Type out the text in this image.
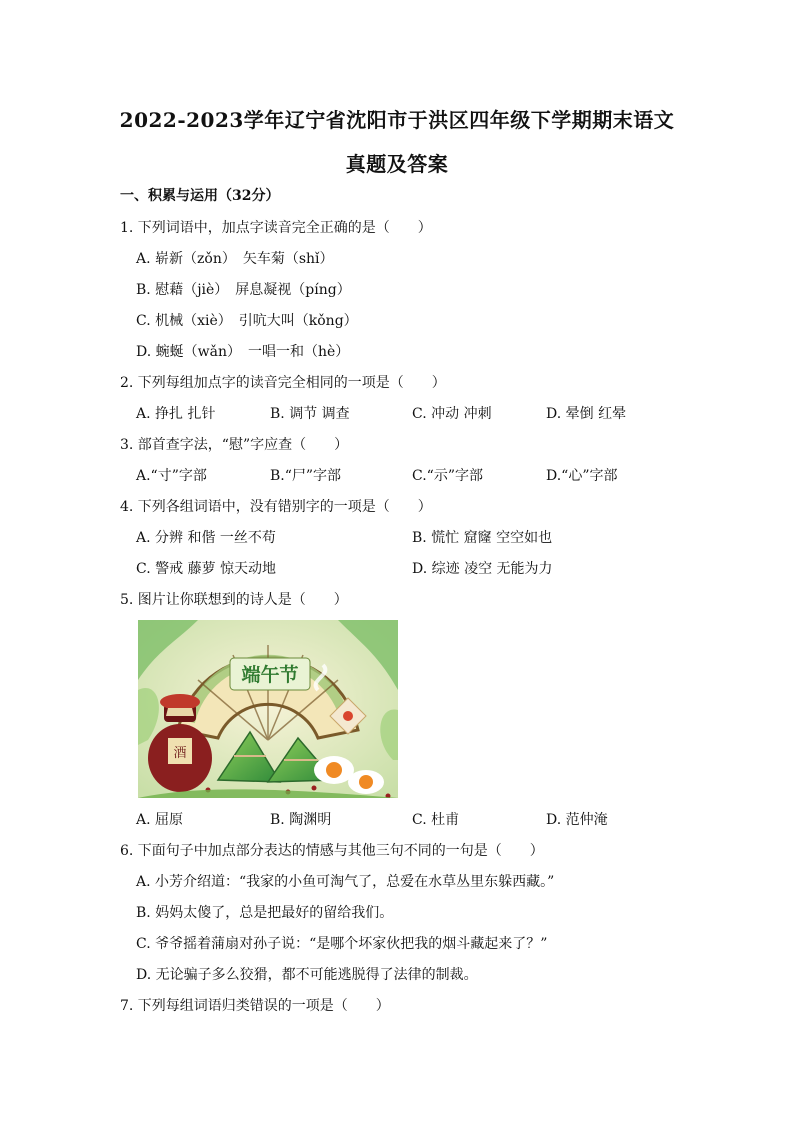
2022-2023学年辽宁省沈阳市于洪区四年级下学期期末语文
真题及答案
一、积累与运用（32分）
1. 下列词语中，加点字读音完全正确的是（　　）
A. 崭新（zǒn）　矢车菊（shǐ）
B. 慰藉（jiè）　屏息凝视（píng）
C. 机械（xiè）　引吭大叫（kǒng）
D. 蜿蜒（wǎn）　一唱一和（hè）
2. 下列每组加点字的读音完全相同的一项是（　　）
A. 挣扎 扎针	B. 调节 调查	C. 冲动 冲刺	D. 晕倒 红晕
3. 部首查字法，“慰”字应查（　　）
A.“寸”字部	B.“尸”字部	C.“示”字部	D.“心”字部
4. 下列各组词语中，没有错别字的一项是（　　）
A. 分辨 和偕 一丝不苟	B. 慌忙 窟窿 空空如也
C. 警戒 藤萝 惊天动地	D. 综迹 凌空 无能为力
5. 图片让你联想到的诗人是（　　）
端午节
酒
A. 屈原	B. 陶渊明	C. 杜甫	D. 范仲淹
6. 下面句子中加点部分表达的情感与其他三句不同的一句是（　　）
A. 小芳介绍道：“我家的小鱼可淘气了，总爱在水草丛里东躲西藏。”
B. 妈妈太傻了，总是把最好的留给我们。
C. 爷爷摇着蒲扇对孙子说：“是哪个坏家伙把我的烟斗藏起来了？”
D. 无论骗子多么狡猾，都不可能逃脱得了法律的制裁。
7. 下列每组词语归类错误的一项是（　　）
